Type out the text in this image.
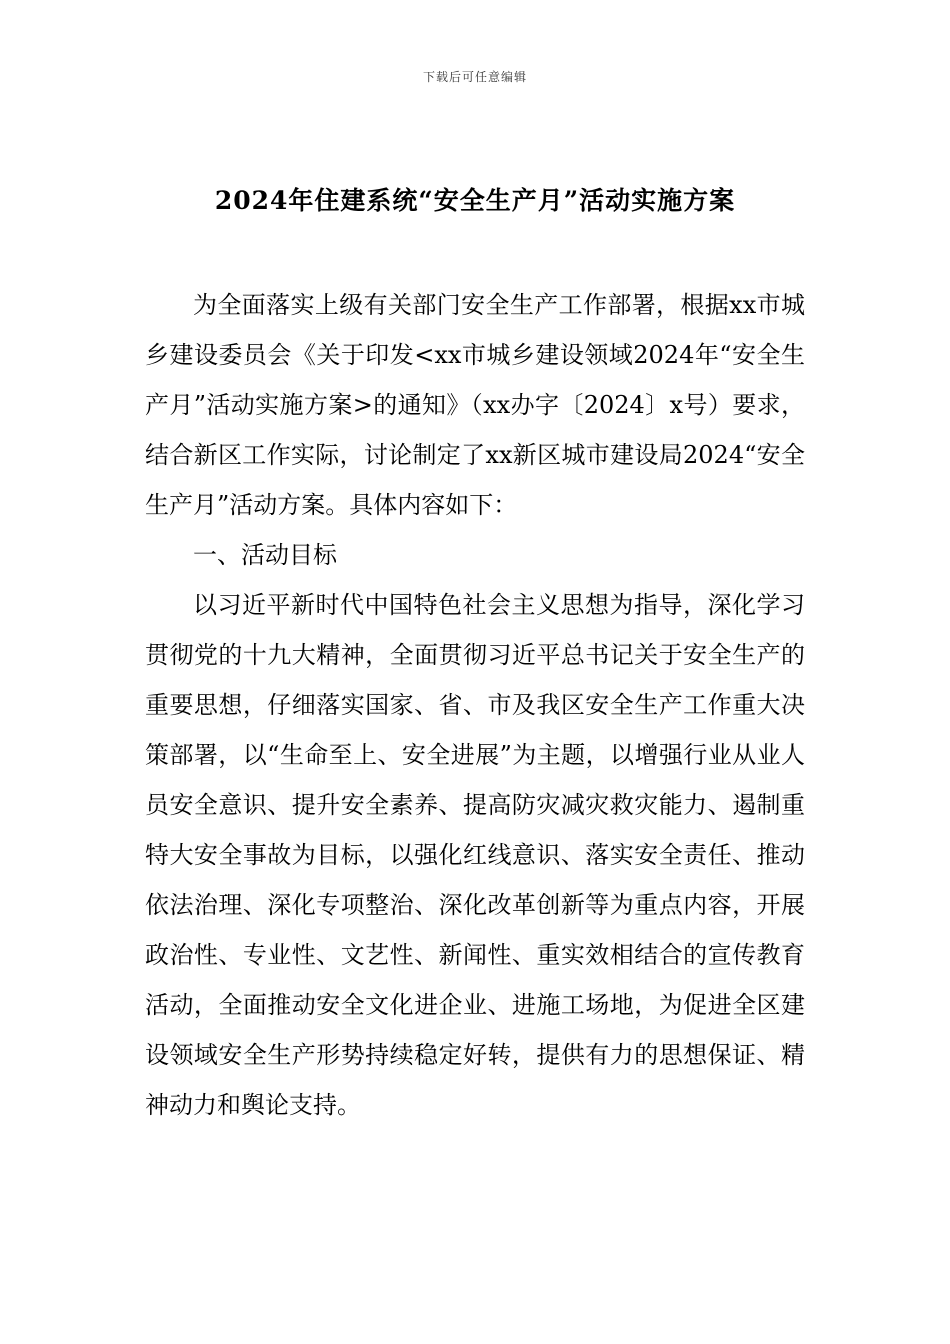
下载后可任意编辑
2024年住建系统“安全生产月”活动实施方案

为全面落实上级有关部门安全生产工作部署，根据xx市城乡建设委员会《关于印发<xx市城乡建设领域2024年“安全生产月”活动实施方案>的通知》（xx办字〔2024〕x号）要求，结合新区工作实际，讨论制定了xx新区城市建设局2024“安全生产月”活动方案。具体内容如下：

一、活动目标

以习近平新时代中国特色社会主义思想为指导，深化学习贯彻党的十九大精神，全面贯彻习近平总书记关于安全生产的重要思想，仔细落实国家、省、市及我区安全生产工作重大决策部署，以“生命至上、安全进展”为主题，以增强行业从业人员安全意识、提升安全素养、提高防灾减灾救灾能力、遏制重特大安全事故为目标，以强化红线意识、落实安全责任、推动依法治理、深化专项整治、深化改革创新等为重点内容，开展政治性、专业性、文艺性、新闻性、重实效相结合的宣传教育活动，全面推动安全文化进企业、进施工场地，为促进全区建设领域安全生产形势持续稳定好转，提供有力的思想保证、精神动力和舆论支持。
